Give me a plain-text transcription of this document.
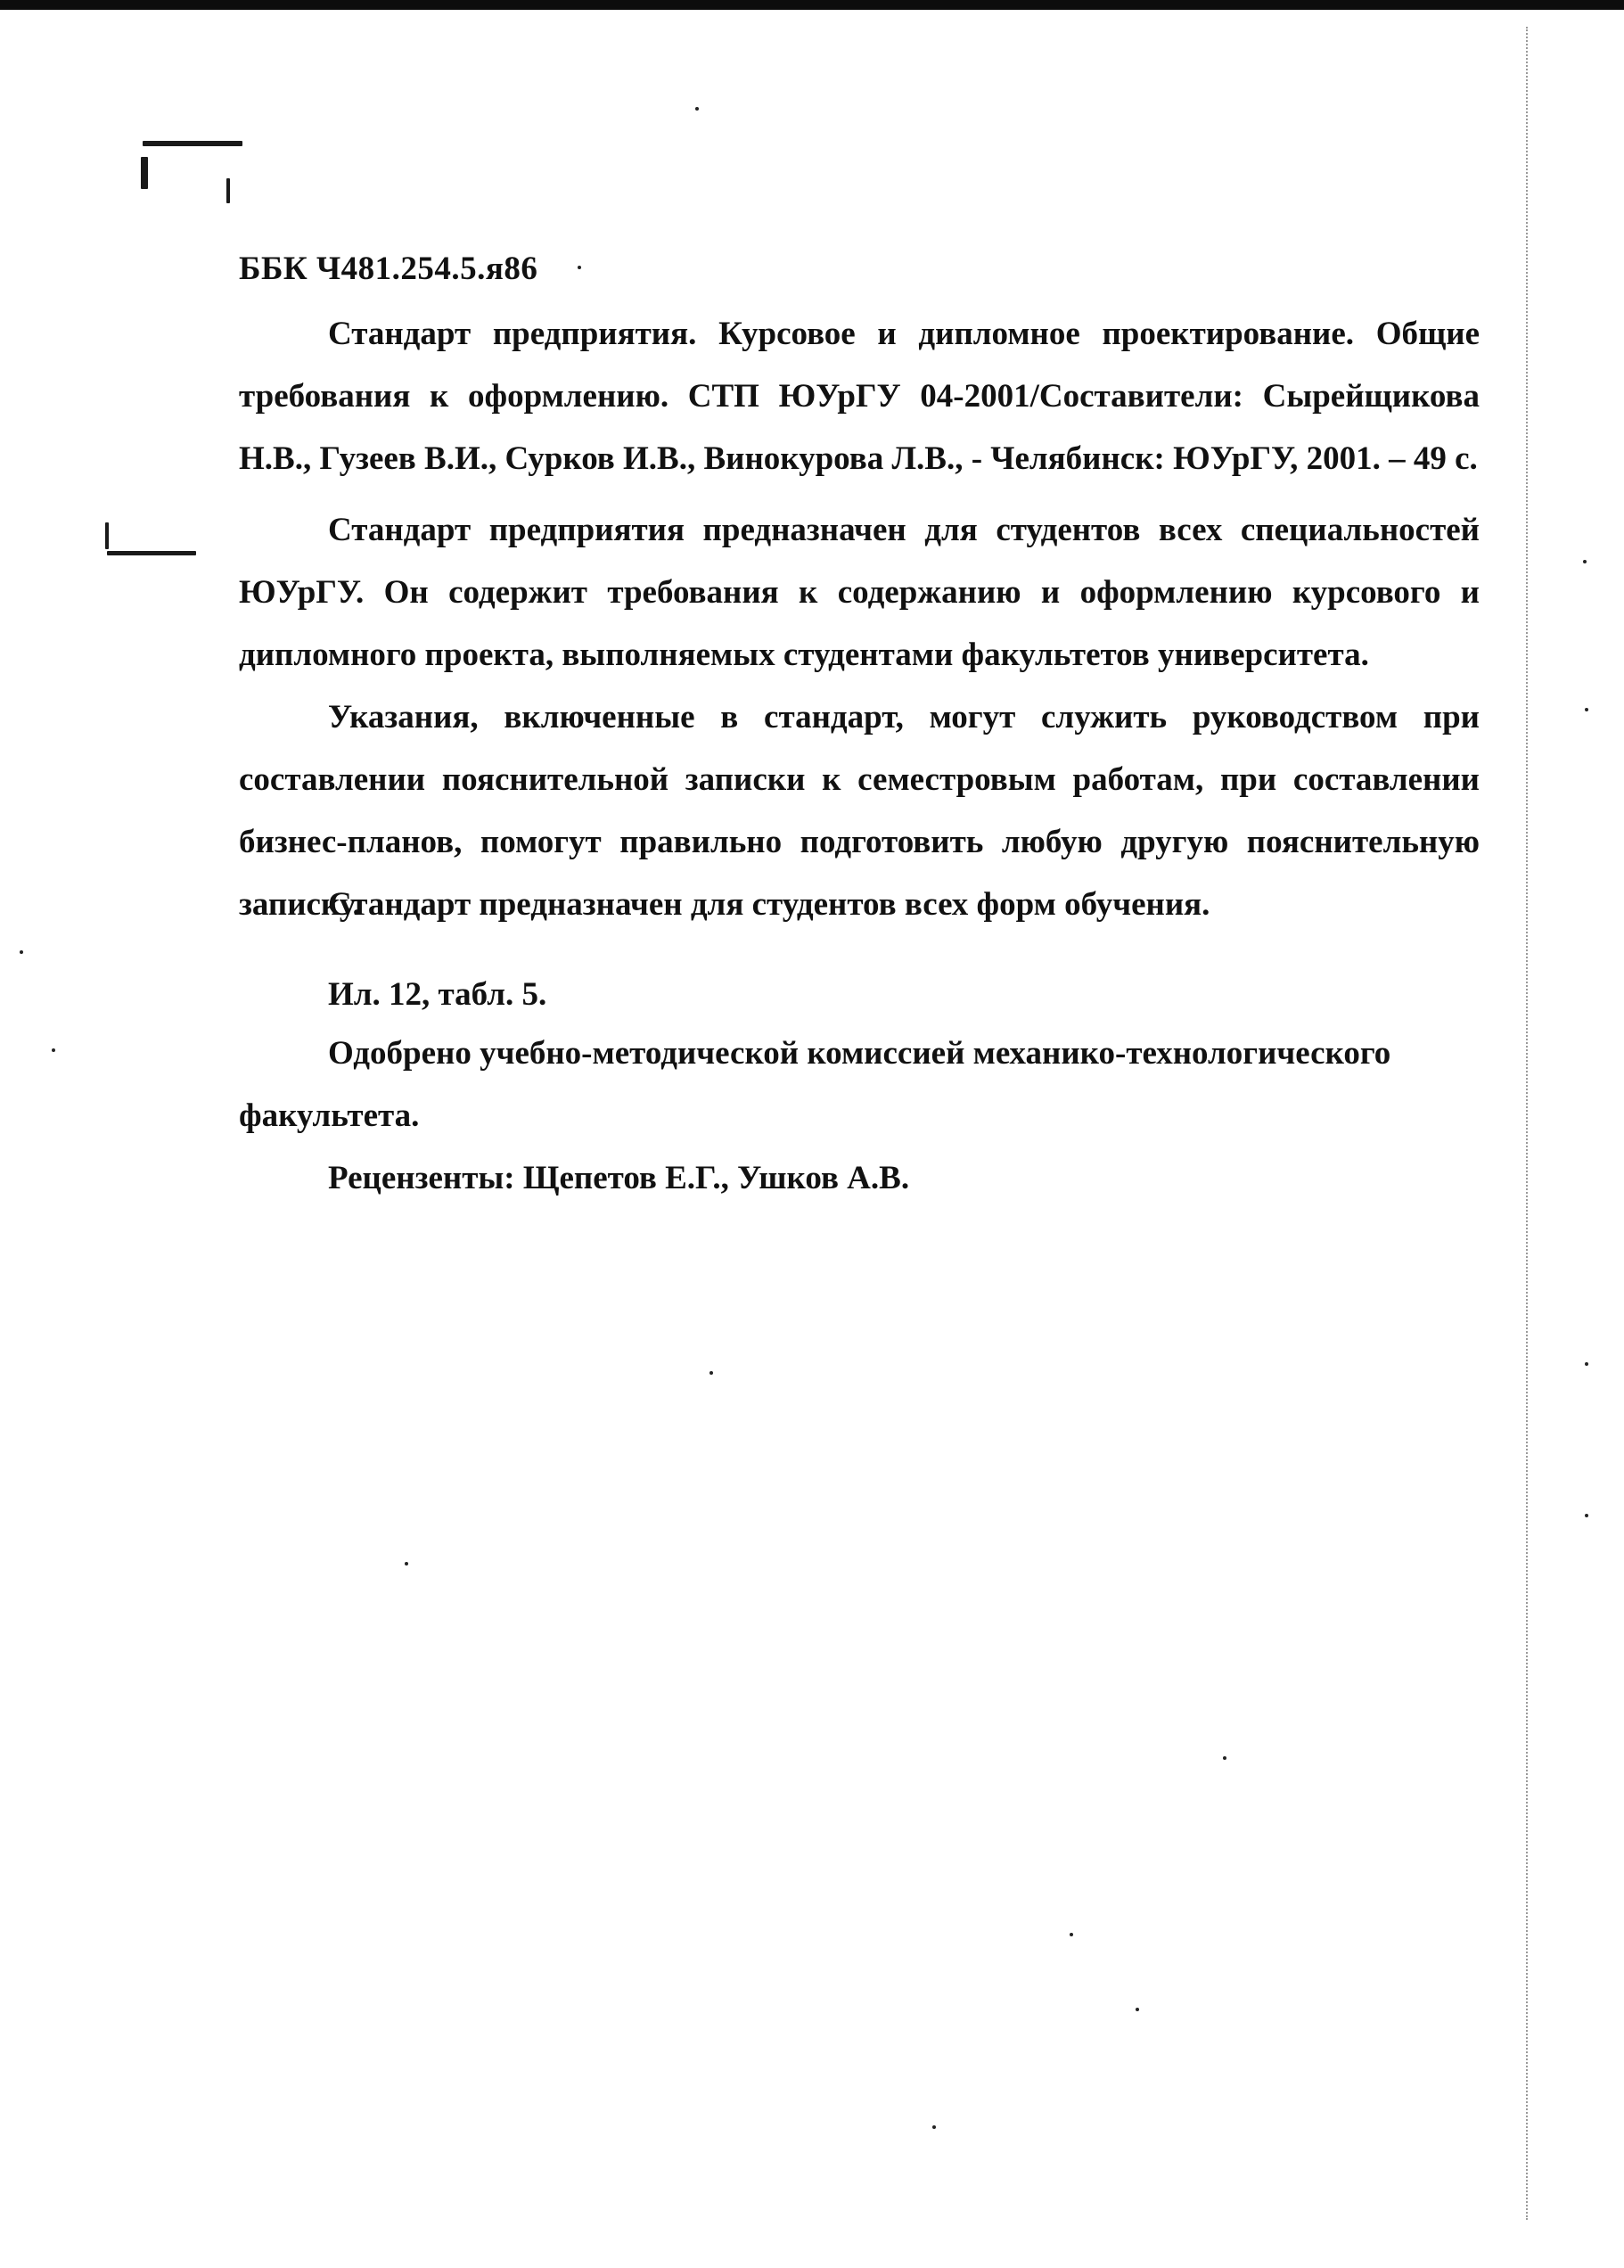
ББК Ч481.254.5.я86
Стандарт предприятия. Курсовое и дипломное проектирование. Общие требования к оформлению. СТП ЮУрГУ 04-2001/Составители: Сырейщикова Н.В., Гузеев В.И., Сурков И.В., Винокурова Л.В., - Челябинск: ЮУрГУ, 2001. – 49 с.
Стандарт предприятия предназначен для студентов всех специальностей ЮУрГУ. Он содержит требования к содержанию и оформлению курсового и дипломного проекта, выполняемых студентами факультетов университета.
Указания, включенные в стандарт, могут служить руководством при составлении пояснительной записки к семестровым работам, при составлении бизнес-планов, помогут правильно подготовить любую другую пояснительную записку.
Стандарт предназначен для студентов всех форм обучения.
Ил. 12, табл. 5.
Одобрено учебно-методической комиссией механико-технологического
факультета.
Рецензенты: Щепетов Е.Г., Ушков А.В.
